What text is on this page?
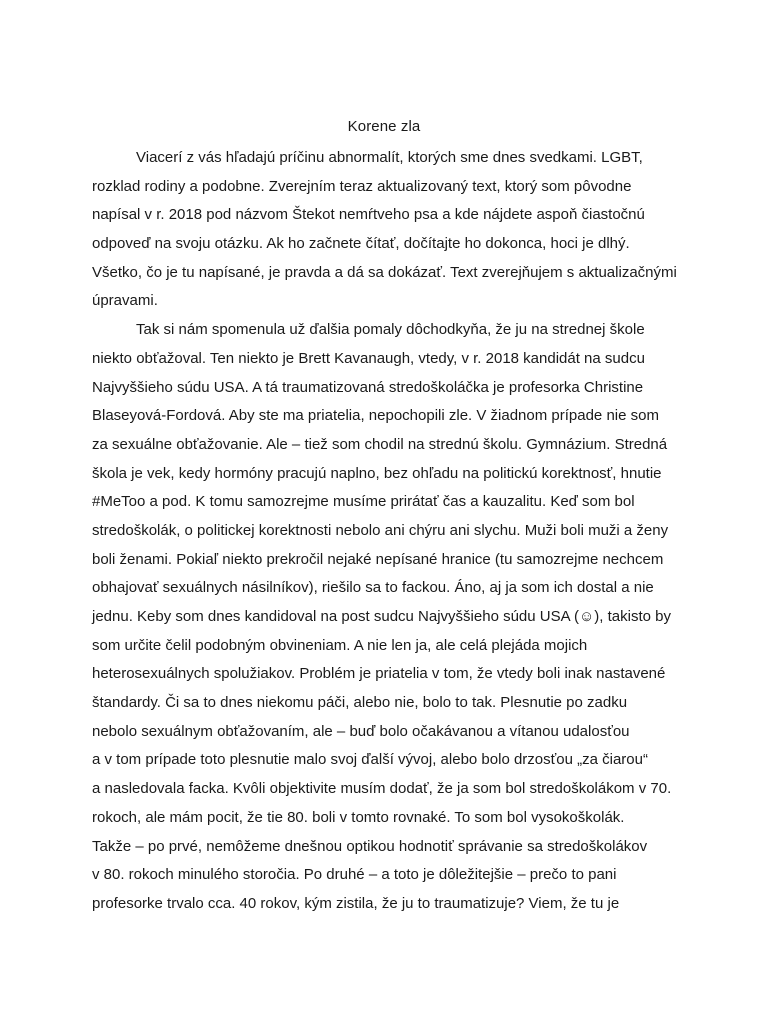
Korene zla
Viacerí z vás hľadajú príčinu abnormalít, ktorých sme dnes svedkami. LGBT,
rozklad rodiny a podobne. Zverejním teraz aktualizovaný text, ktorý som pôvodne
napísal v r. 2018 pod názvom Štekot nemŕtveho psa a kde nájdete aspoň čiastočnú
odpoveď na svoju otázku. Ak ho začnete čítať, dočítajte ho dokonca, hoci je dlhý.
Všetko, čo je tu napísané, je pravda a dá sa dokázať. Text zverejňujem s aktualizačnými
úpravami.
Tak si nám spomenula už ďalšia pomaly dôchodkyňa, že ju na strednej škole
niekto obťažoval. Ten niekto je Brett Kavanaugh, vtedy, v r. 2018 kandidát na sudcu
Najvyššieho súdu USA. A tá traumatizovaná stredoškoláčka je profesorka Christine
Blaseyová-Fordová. Aby ste ma priatelia, nepochopili zle. V žiadnom prípade nie som
za sexuálne obťažovanie. Ale – tiež som chodil na strednú školu. Gymnázium. Stredná
škola je vek, kedy hormóny pracujú naplno, bez ohľadu na politickú korektnosť, hnutie
#MeToo a pod. K tomu samozrejme musíme prirátať čas a kauzalitu. Keď som bol
stredoškolák, o politickej korektnosti nebolo ani chýru ani slychu. Muži boli muži a ženy
boli ženami. Pokiaľ niekto prekročil nejaké nepísané hranice (tu samozrejme nechcem
obhajovať sexuálnych násilníkov), riešilo sa to fackou. Áno, aj ja som ich dostal a nie
jednu. Keby som dnes kandidoval na post sudcu Najvyššieho súdu USA (☺), takisto by
som určite čelil podobným obvineniam. A nie len ja, ale celá plejáda mojich
heterosexuálnych spolužiakov. Problém je priatelia v tom, že vtedy boli inak nastavené
štandardy. Či sa to dnes niekomu páči, alebo nie, bolo to tak. Plesnutie po zadku
nebolo sexuálnym obťažovaním, ale – buď bolo očakávanou a vítanou udalosťou
a v tom prípade toto plesnutie malo svoj ďalší vývoj, alebo bolo drzosťou „za čiarou“
a nasledovala facka. Kvôli objektivite musím dodať, že ja som bol stredoškolákom v 70.
rokoch, ale mám pocit, že tie 80. boli v tomto rovnaké. To som bol vysokoškolák.
Takže – po prvé, nemôžeme dnešnou optikou hodnotiť správanie sa stredoškolákov
v 80. rokoch minulého storočia. Po druhé – a toto je dôležitejšie – prečo to pani
profesorke trvalo cca. 40 rokov, kým zistila, že ju to traumatizuje? Viem, že tu je
